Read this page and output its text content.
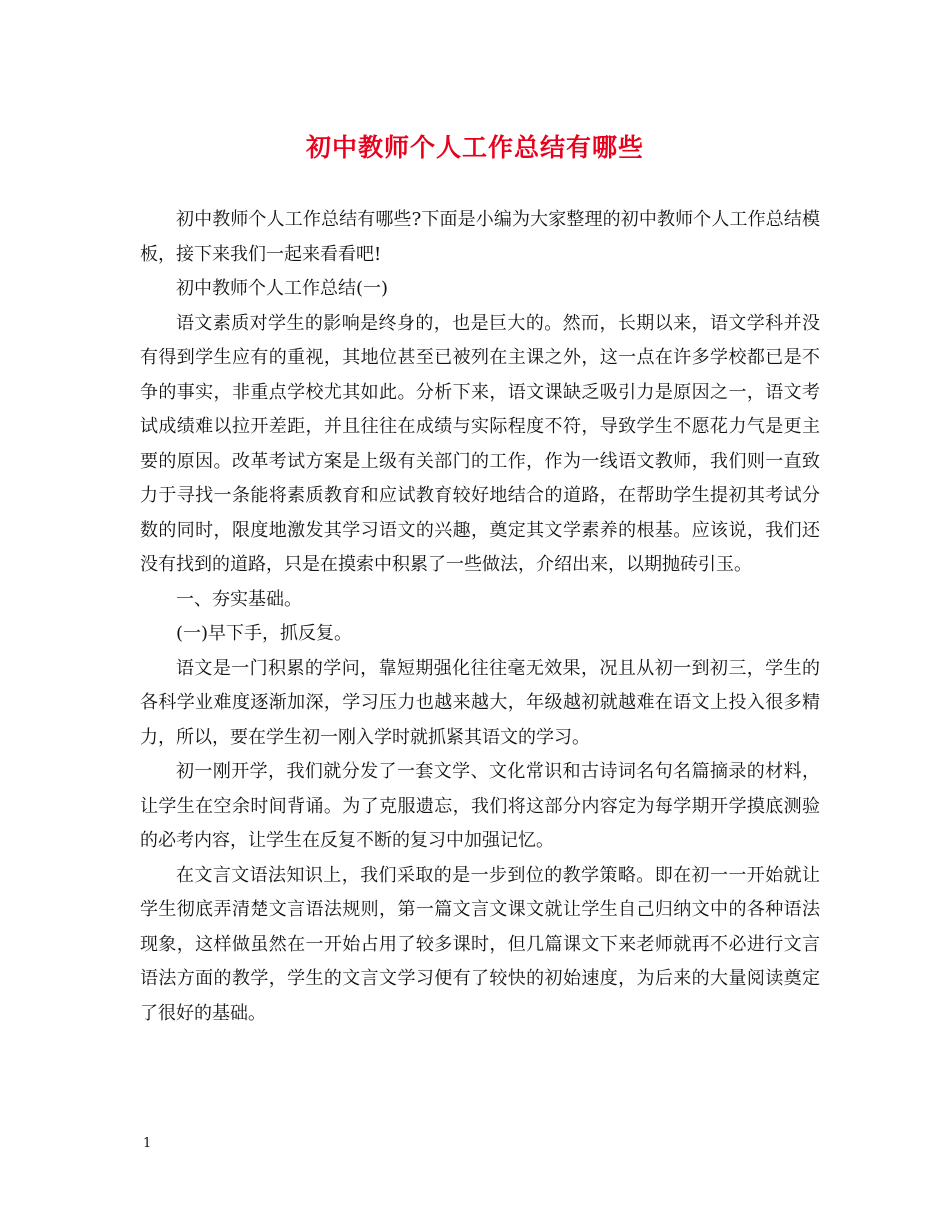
初中教师个人工作总结有哪些

初中教师个人工作总结有哪些?下面是小编为大家整理的初中教师个人工作总结模板，接下来我们一起来看看吧!

初中教师个人工作总结(一)

语文素质对学生的影响是终身的，也是巨大的。然而，长期以来，语文学科并没有得到学生应有的重视，其地位甚至已被列在主课之外，这一点在许多学校都已是不争的事实，非重点学校尤其如此。分析下来，语文课缺乏吸引力是原因之一，语文考试成绩难以拉开差距，并且往往在成绩与实际程度不符，导致学生不愿花力气是更主要的原因。改革考试方案是上级有关部门的工作，作为一线语文教师，我们则一直致力于寻找一条能将素质教育和应试教育较好地结合的道路，在帮助学生提初其考试分数的同时，限度地激发其学习语文的兴趣，奠定其文学素养的根基。应该说，我们还没有找到的道路，只是在摸索中积累了一些做法，介绍出来，以期抛砖引玉。

一、夯实基础。

(一)早下手，抓反复。

语文是一门积累的学问，靠短期强化往往毫无效果，况且从初一到初三，学生的各科学业难度逐渐加深，学习压力也越来越大，年级越初就越难在语文上投入很多精力，所以，要在学生初一刚入学时就抓紧其语文的学习。

初一刚开学，我们就分发了一套文学、文化常识和古诗词名句名篇摘录的材料，让学生在空余时间背诵。为了克服遗忘，我们将这部分内容定为每学期开学摸底测验的必考内容，让学生在反复不断的复习中加强记忆。

在文言文语法知识上，我们采取的是一步到位的教学策略。即在初一一开始就让学生彻底弄清楚文言语法规则，第一篇文言文课文就让学生自己归纳文中的各种语法现象，这样做虽然在一开始占用了较多课时，但几篇课文下来老师就再不必进行文言语法方面的教学，学生的文言文学习便有了较快的初始速度，为后来的大量阅读奠定了很好的基础。

1
